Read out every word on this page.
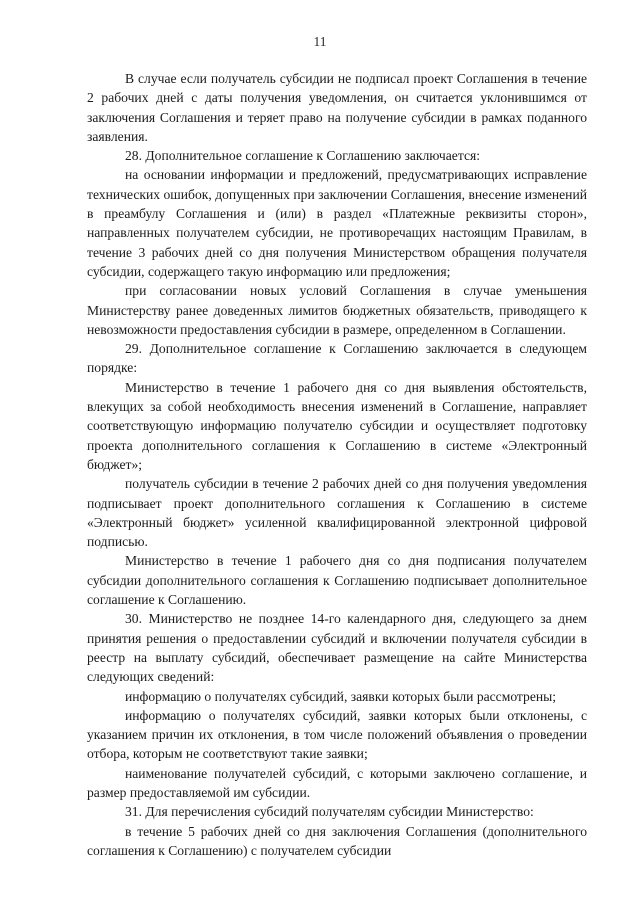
11

В случае если получатель субсидии не подписал проект Соглашения в течение 2 рабочих дней с даты получения уведомления, он считается уклонившимся от заключения Соглашения и теряет право на получение субсидии в рамках поданного заявления.

28. Дополнительное соглашение к Соглашению заключается:

на основании информации и предложений, предусматривающих исправление технических ошибок, допущенных при заключении Соглашения, внесение изменений в преамбулу Соглашения и (или) в раздел «Платежные реквизиты сторон», направленных получателем субсидии, не противоречащих настоящим Правилам, в течение 3 рабочих дней со дня получения Министерством обращения получателя субсидии, содержащего такую информацию или предложения;

при согласовании новых условий Соглашения в случае уменьшения Министерству ранее доведенных лимитов бюджетных обязательств, приводящего к невозможности предоставления субсидии в размере, определенном в Соглашении.

29. Дополнительное соглашение к Соглашению заключается в следующем порядке:

Министерство в течение 1 рабочего дня со дня выявления обстоятельств, влекущих за собой необходимость внесения изменений в Соглашение, направляет соответствующую информацию получателю субсидии и осуществляет подготовку проекта дополнительного соглашения к Соглашению в системе «Электронный бюджет»;

получатель субсидии в течение 2 рабочих дней со дня получения уведомления подписывает проект дополнительного соглашения к Соглашению в системе «Электронный бюджет» усиленной квалифицированной электронной цифровой подписью.

Министерство в течение 1 рабочего дня со дня подписания получателем субсидии дополнительного соглашения к Соглашению подписывает дополнительное соглашение к Соглашению.

30. Министерство не позднее 14-го календарного дня, следующего за днем принятия решения о предоставлении субсидий и включении получателя субсидии в реестр на выплату субсидий, обеспечивает размещение на сайте Министерства следующих сведений:

информацию о получателях субсидий, заявки которых были рассмотрены;

информацию о получателях субсидий, заявки которых были отклонены, с указанием причин их отклонения, в том числе положений объявления о проведении отбора, которым не соответствуют такие заявки;

наименование получателей субсидий, с которыми заключено соглашение, и размер предоставляемой им субсидии.

31. Для перечисления субсидий получателям субсидии Министерство:

в течение 5 рабочих дней со дня заключения Соглашения (дополнительного соглашения к Соглашению) с получателем субсидии
